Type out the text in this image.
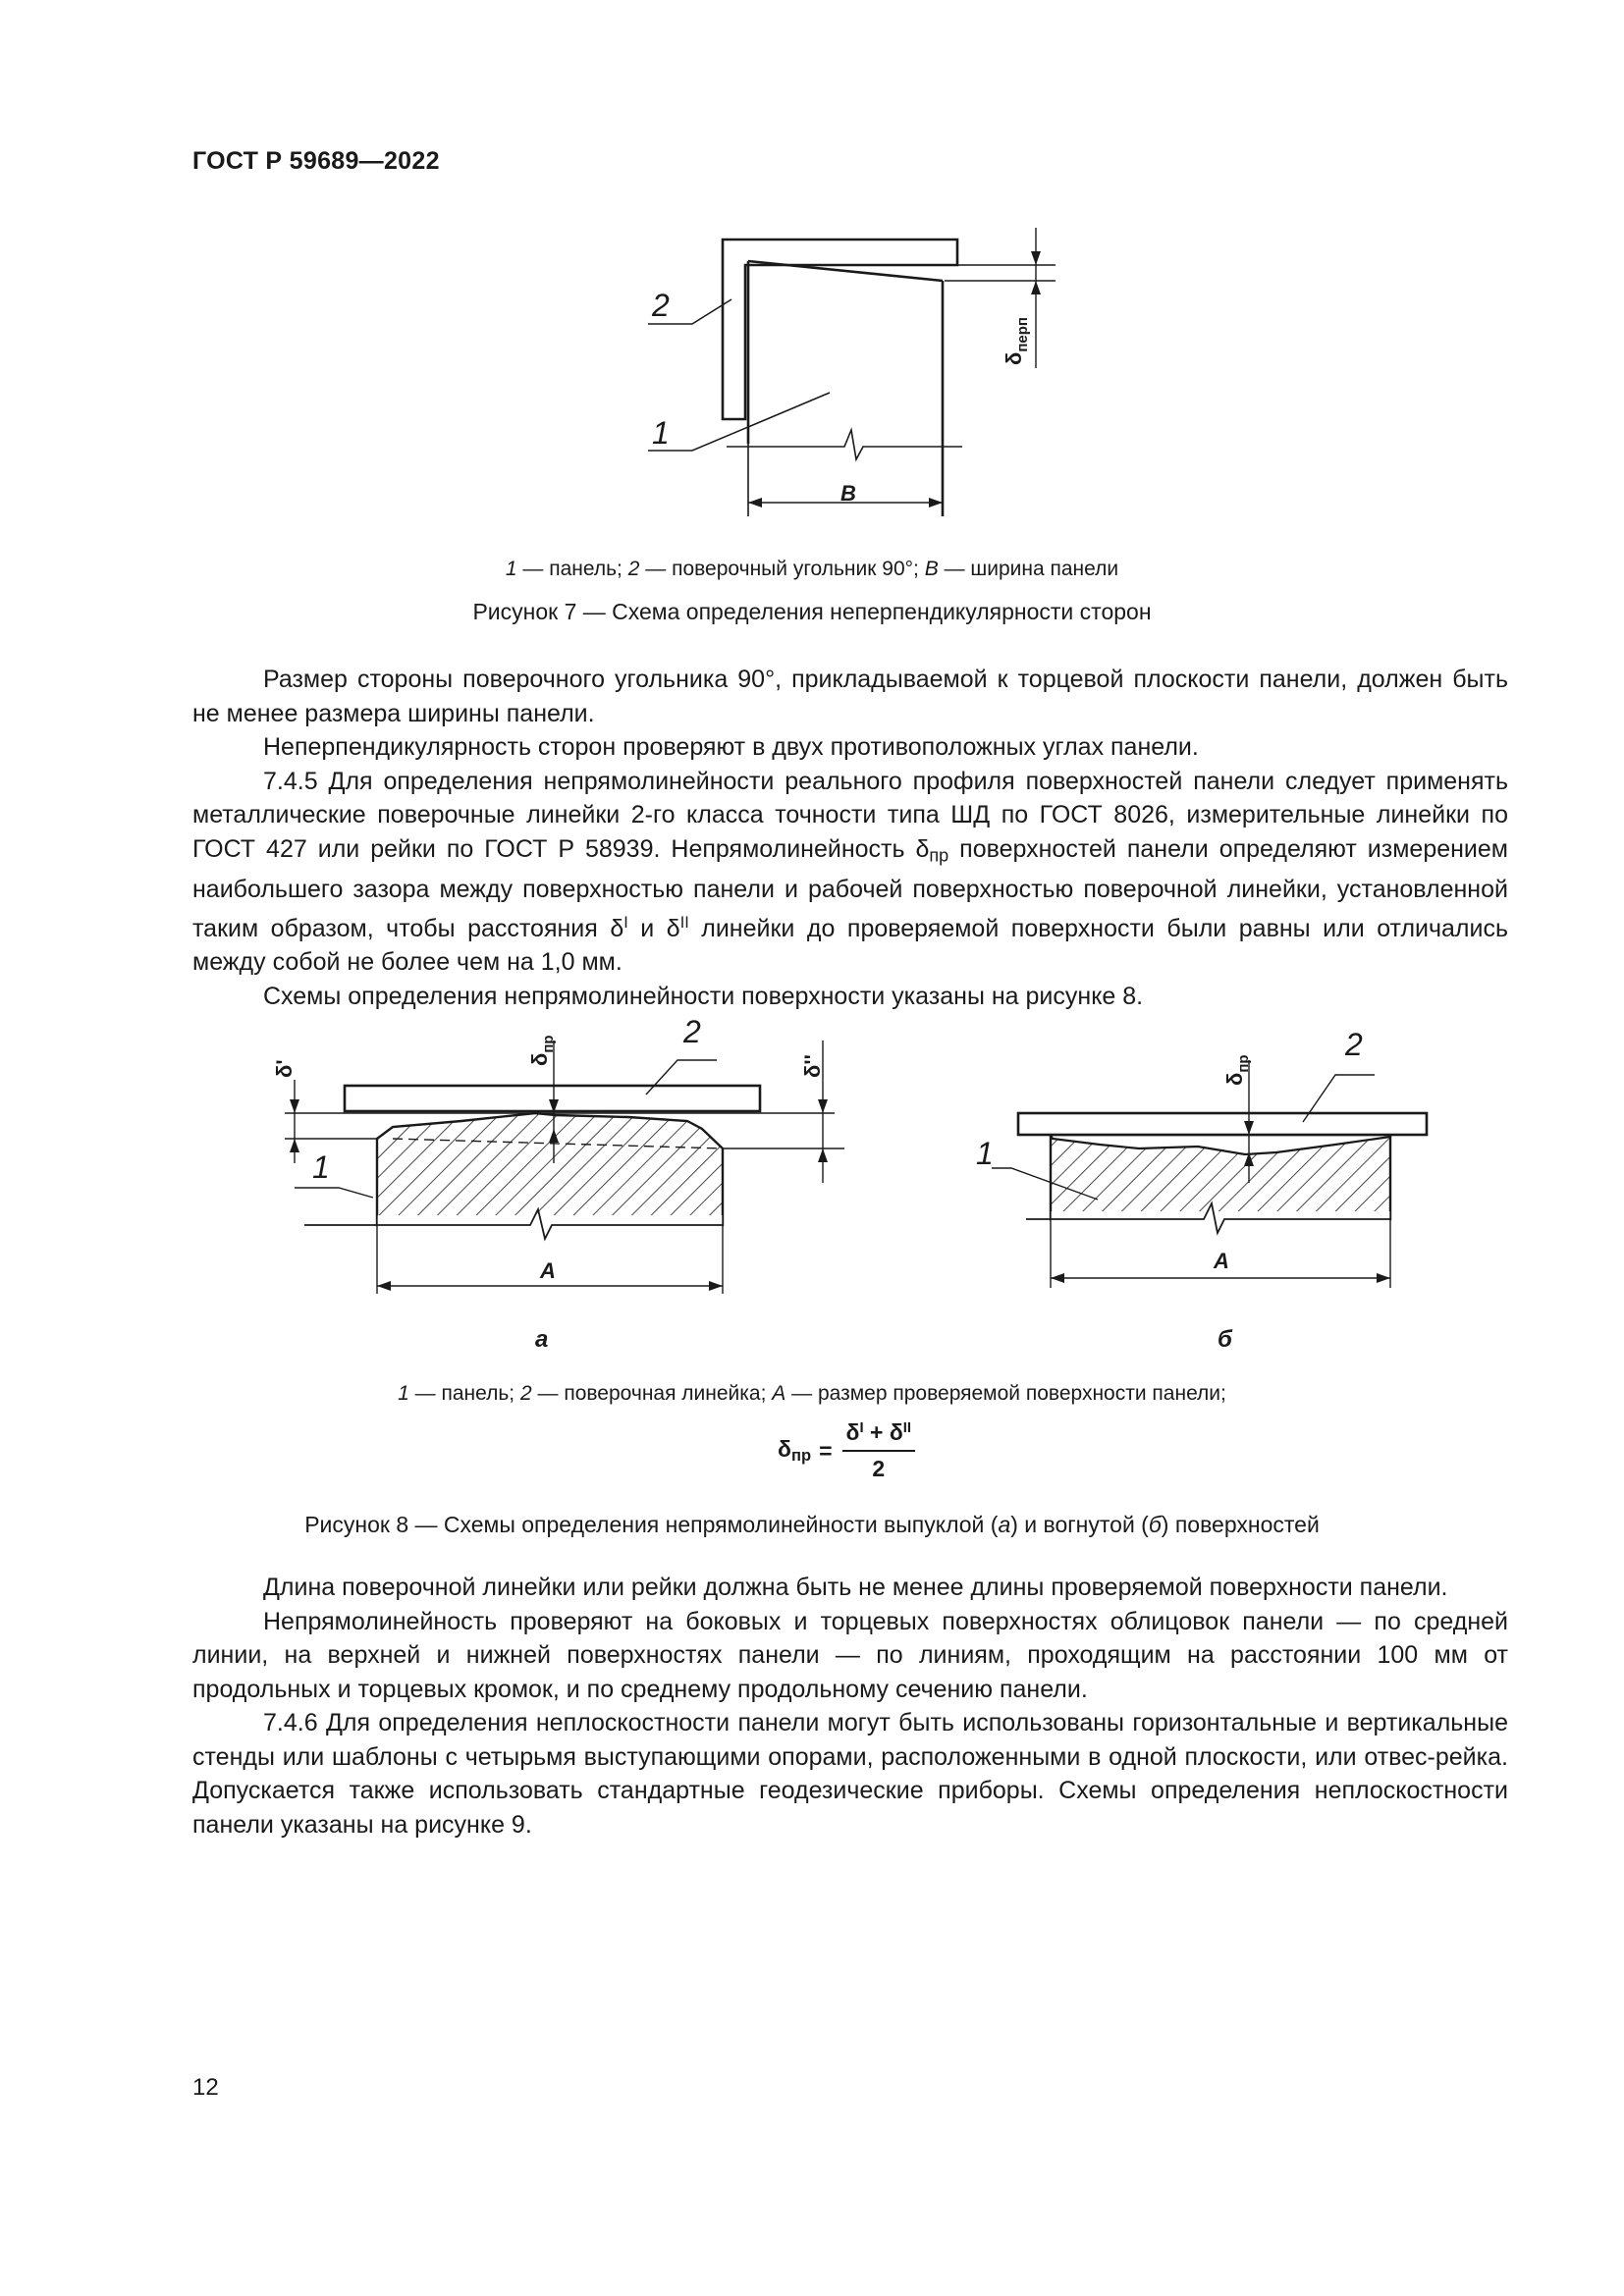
ГОСТ Р 59689—2022
2
1
B
$\delta_{перп}$
1 — панель; 2 — поверочный угольник 90°; B — ширина панели
Рисунок 7 — Схема определения неперпендикулярности сторон

Размер стороны поверочного угольника 90°, прикладываемой к торцевой плоскости панели, должен быть не менее размера ширины панели.

Неперпендикулярность сторон проверяют в двух противоположных углах панели.

7.4.5 Для определения непрямолинейности реального профиля поверхностей панели следует применять металлические поверочные линейки 2-го класса точности типа ШД по ГОСТ 8026, измерительные линейки по ГОСТ 427 или рейки по ГОСТ Р 58939. Непрямолинейность $\delta_{пр}$ поверхностей панели определяют измерением наибольшего зазора между поверхностью панели и рабочей поверхностью поверочной линейки, установленной таким образом, чтобы расстояния $\delta^I$ и $\delta^{II}$ линейки до проверяемой поверхности были равны или отличались между собой не более чем на 1,0 мм.

Схемы определения непрямолинейности поверхности указаны на рисунке 8.

1
2
A
δ'	δ''
$\delta_{пр}$
а
1
2
A
$\delta_{пр}$
б
1 — панель; 2 — поверочная линейка; A — размер проверяемой поверхности панели;
$\delta_{пр}$ =
$\delta^I + \delta^{II}$
2
Рисунок 8 — Схемы определения непрямолинейности выпуклой (а) и вогнутой (б) поверхностей

Длина поверочной линейки или рейки должна быть не менее длины проверяемой поверхности панели.

Непрямолинейность проверяют на боковых и торцевых поверхностях облицовок панели — по средней линии, на верхней и нижней поверхностях панели — по линиям, проходящим на расстоянии 100 мм от продольных и торцевых кромок, и по среднему продольному сечению панели.

7.4.6 Для определения неплоскостности панели могут быть использованы горизонтальные и вертикальные стенды или шаблоны с четырьмя выступающими опорами, расположенными в одной плоскости, или отвес-рейка. Допускается также использовать стандартные геодезические приборы. Схемы определения неплоскостности панели указаны на рисунке 9.

12
